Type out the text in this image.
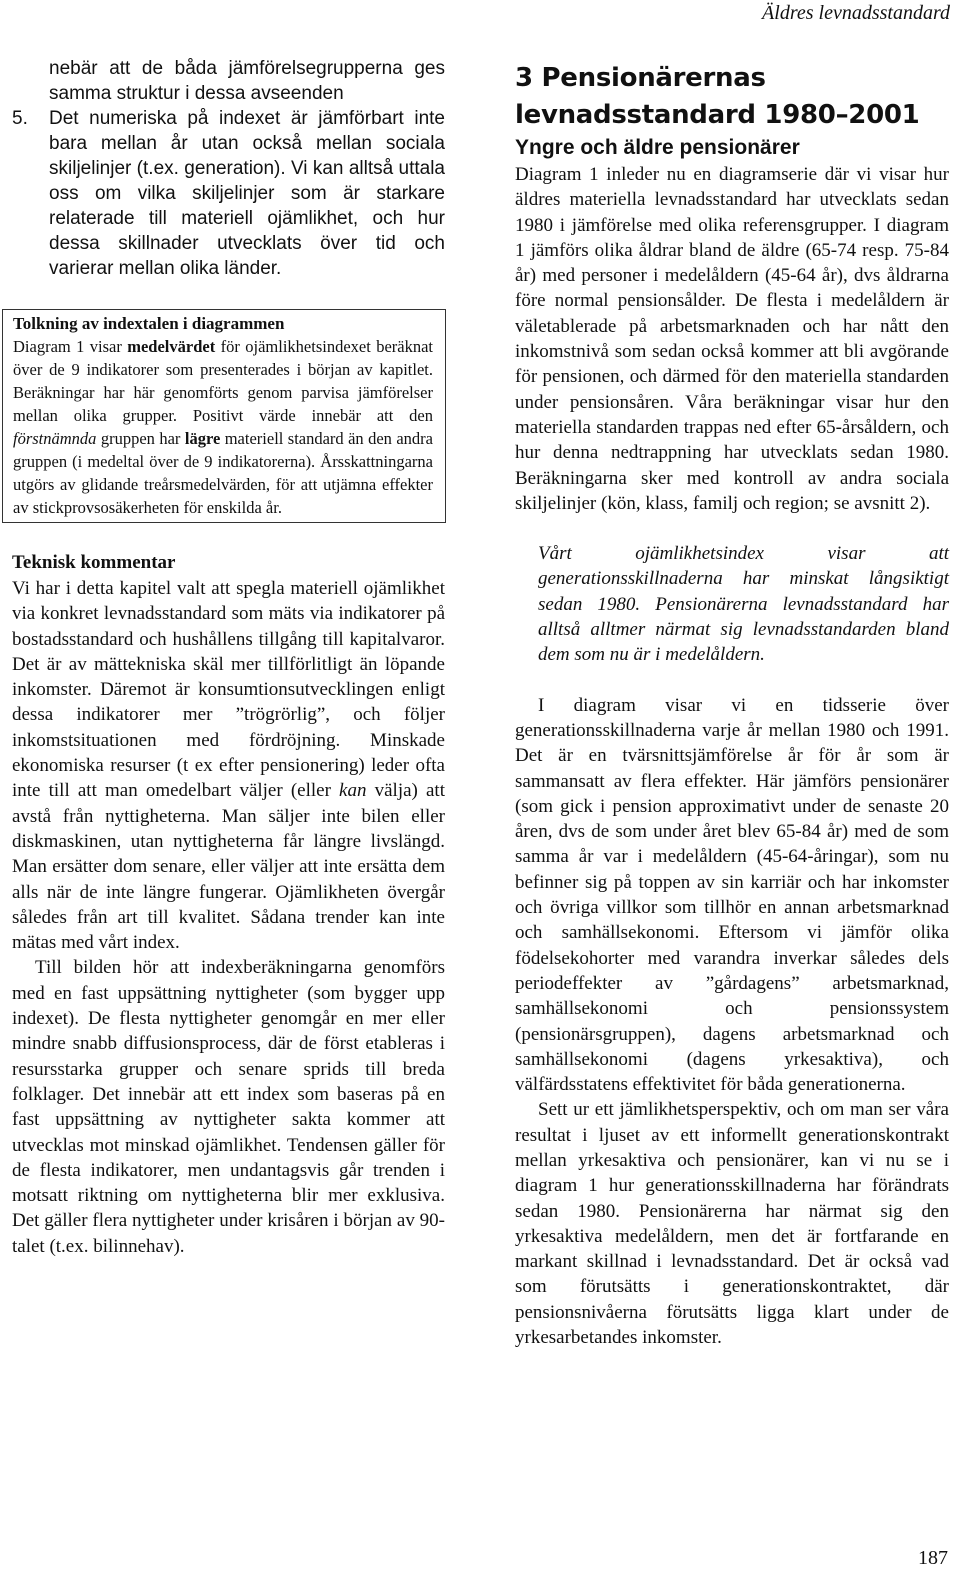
Äldres levnadsstandard

nebär att de båda jämförelsegrupperna ges samma struktur i dessa avseenden

5. Det numeriska på indexet är jämförbart inte bara mellan år utan också mellan sociala skiljelinjer (t.ex. generation). Vi kan alltså uttala oss om vilka skiljelinjer som är starkare relaterade till materiell ojämlikhet, och hur dessa skillnader utvecklats över tid och varierar mellan olika länder.

Tolkning av indextalen i diagrammen

Diagram 1 visar medelvärdet för ojämlikhetsindexet beräknat över de 9 indikatorer som presenterades i början av kapitlet. Beräkningar har här genomförts genom parvisa jämförelser mellan olika grupper. Positivt värde innebär att den förstnämnda gruppen har lägre materiell standard än den andra gruppen (i medeltal över de 9 indikatorerna). Årsskattningarna utgörs av glidande treårsmedelvärden, för att utjämna effekter av stickprovsosäkerheten för enskilda år.

Teknisk kommentar

Vi har i detta kapitel valt att spegla materiell ojämlikhet via konkret levnadsstandard som mäts via indikatorer på bostadsstandard och hushållens tillgång till kapitalvaror. Det är av mättekniska skäl mer tillförlitligt än löpande inkomster. Däremot är konsumtionsutvecklingen enligt dessa indikatorer mer ”trögrörlig”, och följer inkomstsituationen med fördröjning. Minskade ekonomiska resurser (t ex efter pensionering) leder ofta inte till att man omedelbart väljer (eller kan välja) att avstå från nyttigheterna. Man säljer inte bilen eller diskmaskinen, utan nyttigheterna får längre livslängd. Man ersätter dom senare, eller väljer att inte ersätta dem alls när de inte längre fungerar. Ojämlikheten övergår således från art till kvalitet. Sådana trender kan inte mätas med vårt index.

Till bilden hör att indexberäkningarna genomförs med en fast uppsättning nyttigheter (som bygger upp indexet). De flesta nyttigheter genomgår en mer eller mindre snabb diffusionsprocess, där de först etableras i resursstarka grupper och senare sprids till breda folklager. Det innebär att ett index som baseras på en fast uppsättning av nyttigheter sakta kommer att utvecklas mot minskad ojämlikhet. Tendensen gäller för de flesta indikatorer, men undantagsvis går trenden i motsatt riktning om nyttigheterna blir mer exklusiva. Det gäller flera nyttigheter under krisåren i början av 90-talet (t.ex. bilinnehav).

3 Pensionärernas levnadsstandard 1980–2001
Yngre och äldre pensionärer

Diagram 1 inleder nu en diagramserie där vi visar hur äldres materiella levnadsstandard har utvecklats sedan 1980 i jämförelse med olika referensgrupper. I diagram 1 jämförs olika åldrar bland de äldre (65-74 resp. 75-84 år) med personer i medelåldern (45-64 år), dvs åldrarna före normal pensionsålder. De flesta i medelåldern är väletablerade på arbetsmarknaden och har nått den inkomstnivå som sedan också kommer att bli avgörande för pensionen, och därmed för den materiella standarden under pensionsåren. Våra beräkningar visar hur den materiella standarden trappas ned efter 65-årsåldern, och hur denna nedtrappning har utvecklats sedan 1980. Beräkningarna sker med kontroll av andra sociala skiljelinjer (kön, klass, familj och region; se avsnitt 2).

Vårt ojämlikhetsindex visar att generationsskillnaderna har minskat långsiktigt sedan 1980. Pensionärerna levnadsstandard har alltså alltmer närmat sig levnadsstandarden bland dem som nu är i medelåldern.

I diagram visar vi en tidsserie över generationsskillnaderna varje år mellan 1980 och 1991. Det är en tvärsnittsjämförelse år för år som är sammansatt av flera effekter. Här jämförs pensionärer (som gick i pension approximativt under de senaste 20 åren, dvs de som under året blev 65-84 år) med de som samma år var i medelåldern (45-64-åringar), som nu befinner sig på toppen av sin karriär och har inkomster och övriga villkor som tillhör en annan arbetsmarknad och samhällsekonomi. Eftersom vi jämför olika födelsekohorter med varandra inverkar således dels periodeffekter av ”gårdagens” arbetsmarknad, samhällsekonomi och pensionssystem (pensionärsgruppen), dagens arbetsmarknad och samhällsekonomi (dagens yrkesaktiva), och välfärdsstatens effektivitet för båda generationerna.

Sett ur ett jämlikhetsperspektiv, och om man ser våra resultat i ljuset av ett informellt generationskontrakt mellan yrkesaktiva och pensionärer, kan vi nu se i diagram 1 hur generationsskillnaderna har förändrats sedan 1980. Pensionärerna har närmat sig den yrkesaktiva medelåldern, men det är fortfarande en markant skillnad i levnadsstandard. Det är också vad som förutsätts i generationskontraktet, där pensionsnivåerna förutsätts ligga klart under de yrkesarbetandes inkomster.

187
